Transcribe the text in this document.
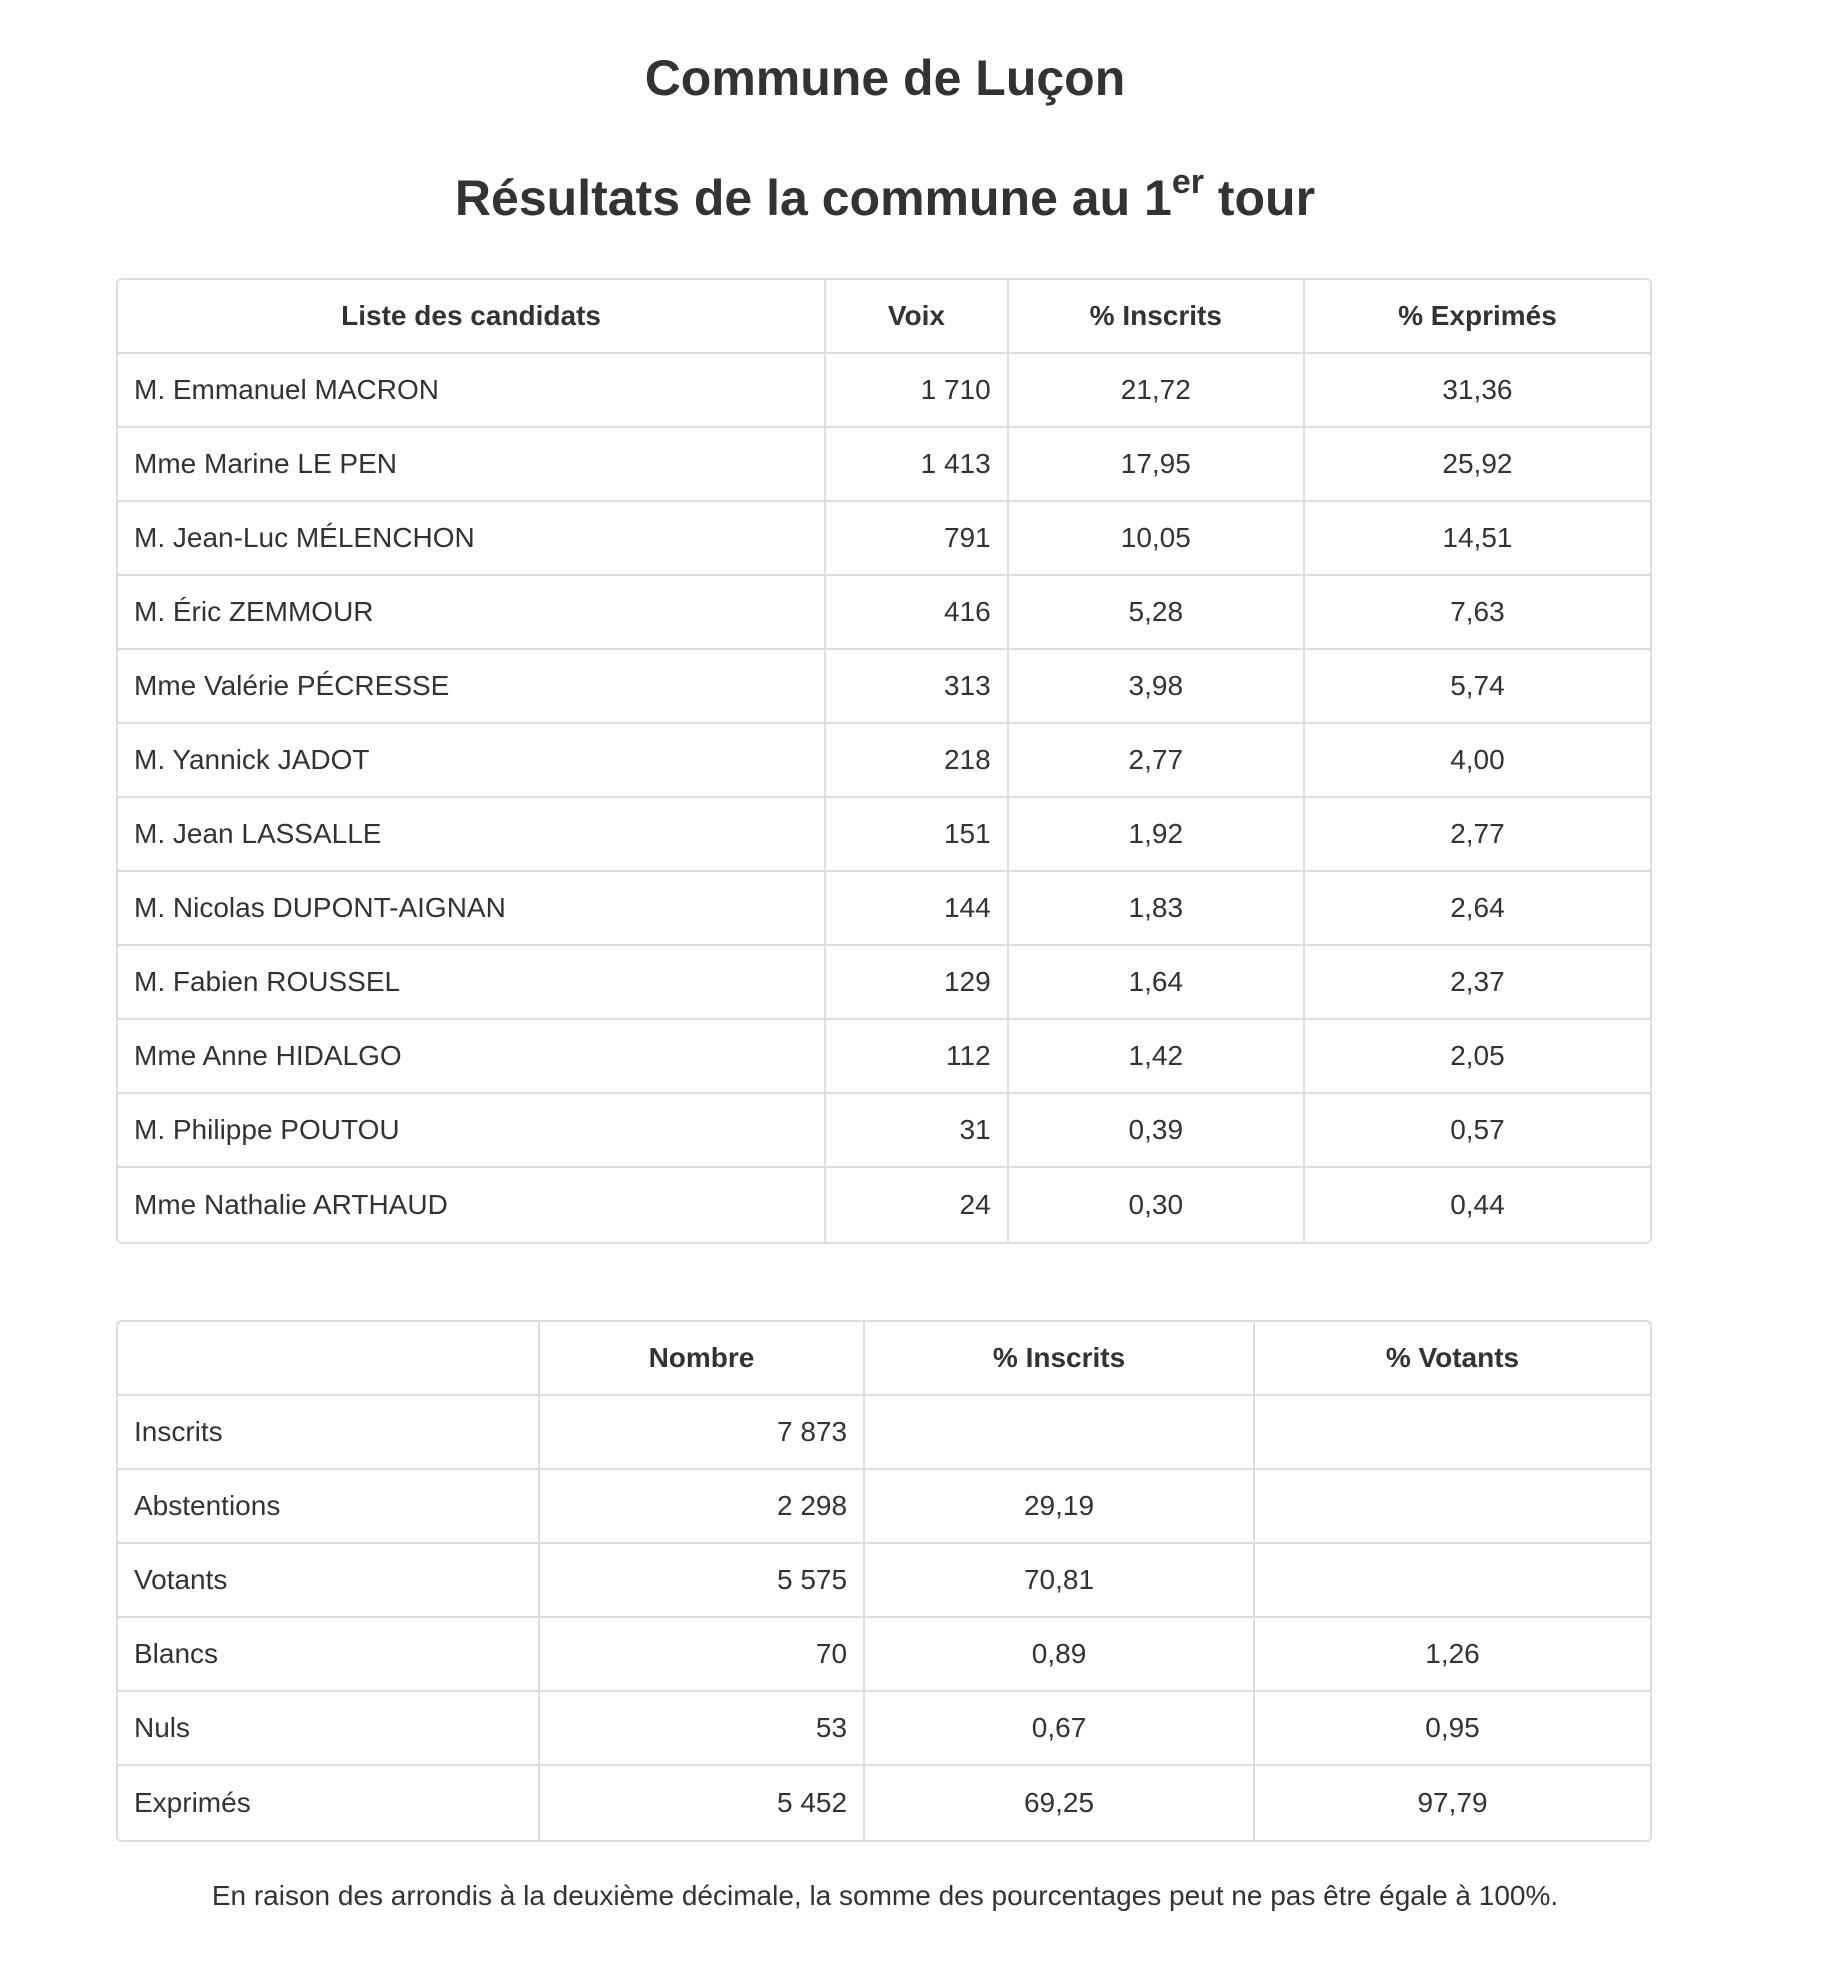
Commune de Luçon
Résultats de la commune au 1er tour
Liste des candidats	Voix	% Inscrits	% Exprimés
M. Emmanuel MACRON	1 710	21,72	31,36
Mme Marine LE PEN	1 413	17,95	25,92
M. Jean-Luc MÉLENCHON	791	10,05	14,51
M. Éric ZEMMOUR	416	5,28	7,63
Mme Valérie PÉCRESSE	313	3,98	5,74
M. Yannick JADOT	218	2,77	4,00
M. Jean LASSALLE	151	1,92	2,77
M. Nicolas DUPONT-AIGNAN	144	1,83	2,64
M. Fabien ROUSSEL	129	1,64	2,37
Mme Anne HIDALGO	112	1,42	2,05
M. Philippe POUTOU	31	0,39	0,57
Mme Nathalie ARTHAUD	24	0,30	0,44
	Nombre	% Inscrits	% Votants
Inscrits	7 873		
Abstentions	2 298	29,19	
Votants	5 575	70,81	
Blancs	70	0,89	1,26
Nuls	53	0,67	0,95
Exprimés	5 452	69,25	97,79

En raison des arrondis à la deuxième décimale, la somme des pourcentages peut ne pas être égale à 100%.
